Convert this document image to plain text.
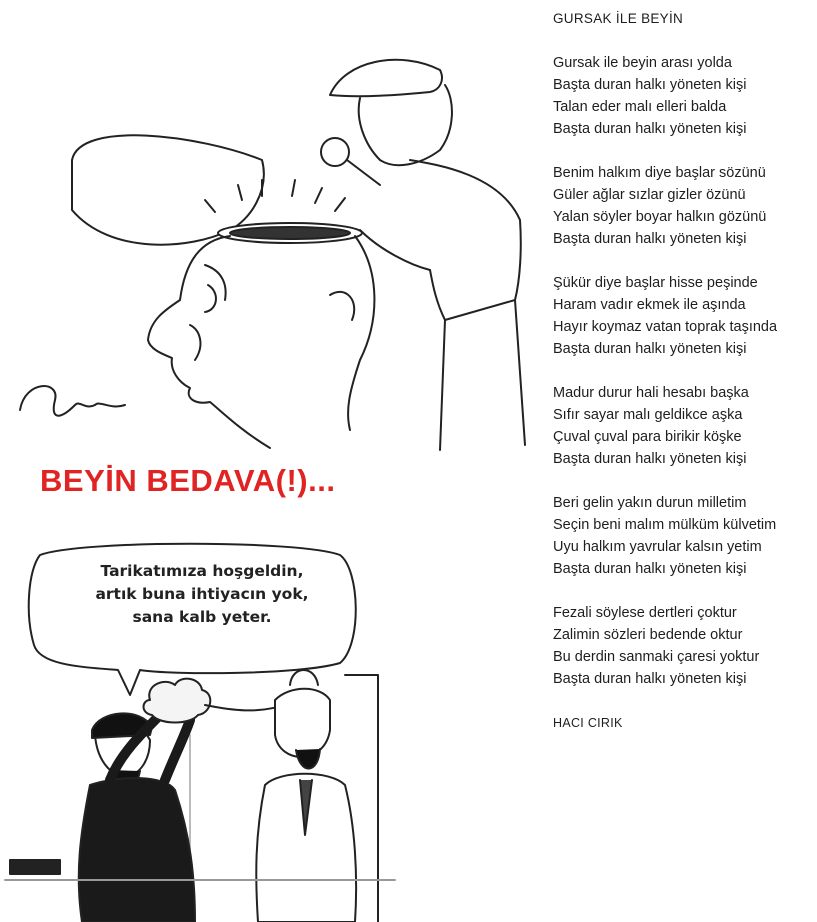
BEYİN BEDAVA(!)...
Tarikatımıza hoşgeldin,
artık buna ihtiyacın yok,
sana kalb yeter.
GURSAK İLE BEYİN
Gursak ile beyin arası yolda
Başta duran halkı yöneten kişi
Talan eder malı elleri balda
Başta duran halkı yöneten kişi
Benim halkım diye başlar sözünü
Güler ağlar sızlar gizler özünü
Yalan söyler boyar halkın gözünü
Başta duran halkı yöneten kişi
Şükür diye başlar hisse peşinde
Haram vadır ekmek ile aşında
Hayır koymaz vatan toprak taşında
Başta duran halkı yöneten kişi
Madur durur hali hesabı başka
Sıfır sayar malı geldikce aşka
Çuval çuval para birikir köşke
Başta duran halkı yöneten kişi
Beri gelin yakın durun milletim
Seçin beni malım mülküm külvetim
Uyu halkım yavrular kalsın yetim
Başta duran halkı yöneten kişi
Fezali söylese dertleri çoktur
Zalimin sözleri bedende oktur
Bu derdin sanmaki çaresi yoktur
Başta duran halkı yöneten kişi
HACI CIRIK
